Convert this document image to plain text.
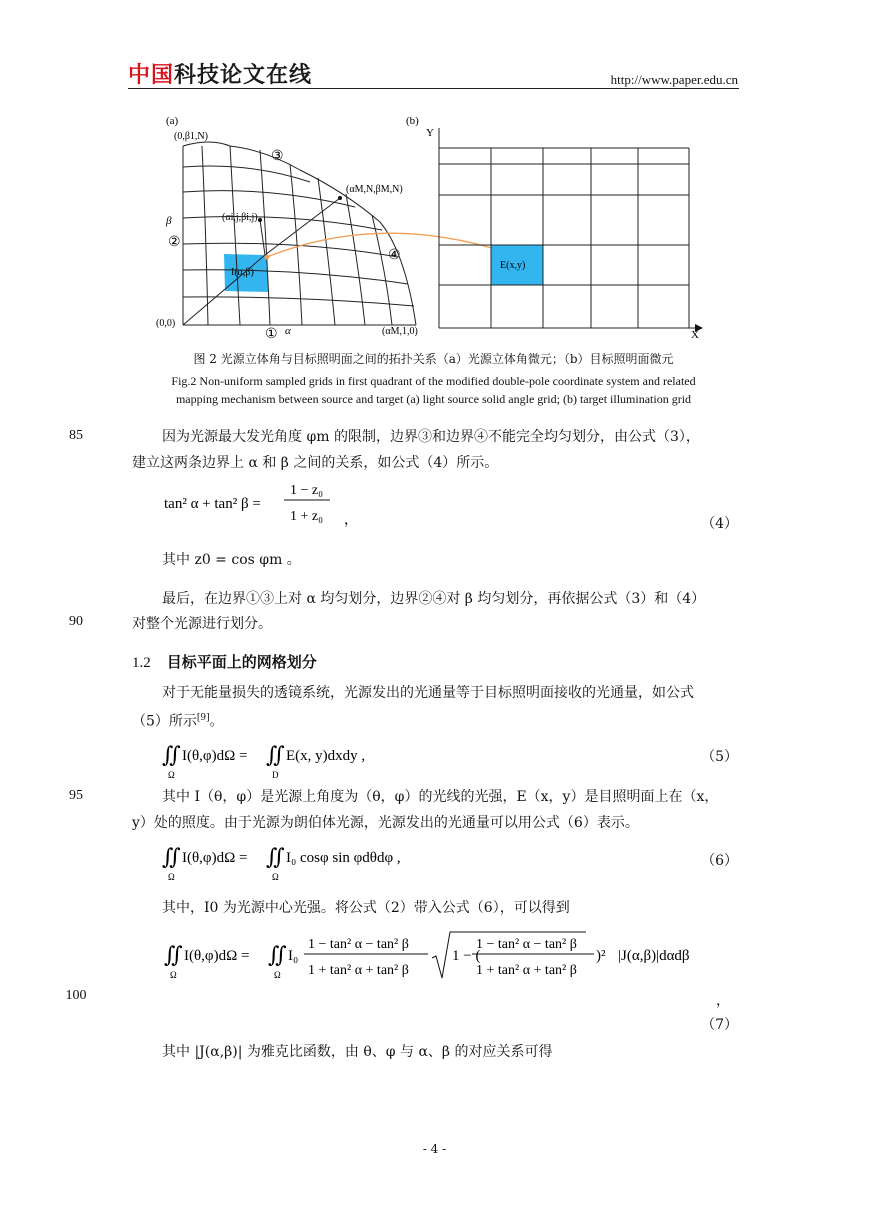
中国科技论文在线	http://www.paper.edu.cn
(a)
(0,β1,N)
(αM,N,βM,N)
β	(αi,j,βi,j)
②
③
④
① α
(0,0)
(αM,1,0)
I(α,β)
(b)
Y
X
E(x,y)
图 2 光源立体角与目标照明面之间的拓扑关系（a）光源立体角微元；（b）目标照明面微元
Fig.2 Non-uniform sampled grids in first quadrant of the modified double-pole coordinate system and related
mapping mechanism between source and target (a) light source solid angle grid; (b) target illumination grid
85	因为光源最大发光角度 φm 的限制，边界③和边界④不能完全均匀划分，由公式（3），
建立这两条边界上 α 和 β 之间的关系，如公式（4）所示。
tan² α + tan² β =
1 − z₀
1 + z₀ ，	（4）
其中 z0 = cos φm 。
最后，在边界①③上对 α 均匀划分，边界②④对 β 均匀划分，再依据公式（3）和（4）
90	对整个光源进行划分。
1.2 目标平面上的网格划分
对于无能量损失的透镜系统，光源发出的光通量等于目标照明面接收的光通量，如公式
（5）所示[9]。
∬
Ω
I(θ,φ)dΩ = ∬
D
E(x, y)dxdy ,	（5）
95	其中 I（θ，φ）是光源上角度为（θ，φ）的光线的光强，E（x，y）是目照明面上在（x，
y）处的照度。由于光源为朗伯体光源，光源发出的光通量可以用公式（6）表示。
∬
Ω
I(θ,φ)dΩ = ∬
Ω
I₀ cosφ sin φdθdφ ,	（6）
其中，I0 为光源中心光强。将公式（2）带入公式（6），可以得到
∬
Ω
I(θ,φ)dΩ = ∬
Ω
I₀
1 − tan² α − tan² β
1 + tan² α + tan² β
1 − (
1 − tan² α − tan² β
1 + tan² α + tan² β
)² |J(α,β)|dαdβ
100	，
（7）
其中 |J(α,β)| 为雅克比函数，由 θ、φ 与 α、β 的对应关系可得
- 4 -
